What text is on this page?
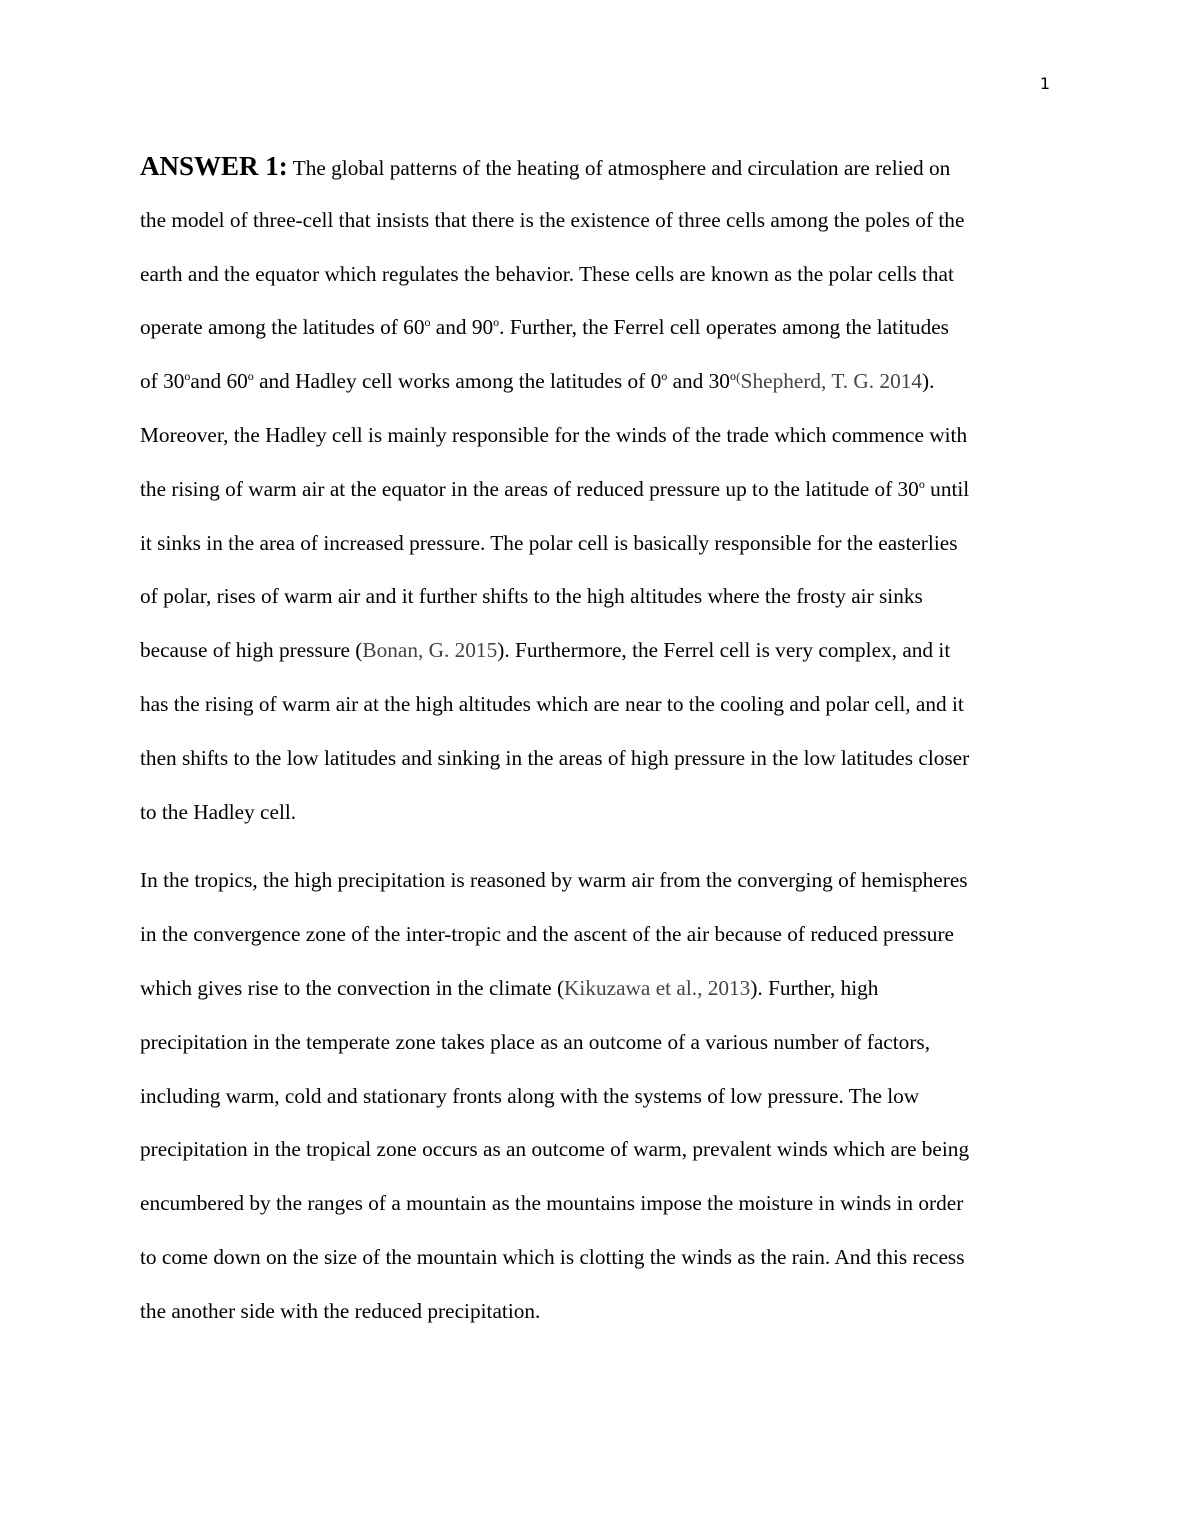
1

ANSWER 1: The global patterns of the heating of atmosphere and circulation are relied on
the model of three-cell that insists that there is the existence of three cells among the poles of the
earth and the equator which regulates the behavior. These cells are known as the polar cells that
operate among the latitudes of 60$^o$ and 90$^o$. Further, the Ferrel cell operates among the latitudes
of 30$^o$and 60$^o$ and Hadley cell works among the latitudes of 0$^o$ and 30$^{o(}$Shepherd, T. G. 2014).
Moreover, the Hadley cell is mainly responsible for the winds of the trade which commence with
the rising of warm air at the equator in the areas of reduced pressure up to the latitude of 30$^o$ until
it sinks in the area of increased pressure. The polar cell is basically responsible for the easterlies
of polar, rises of warm air and it further shifts to the high altitudes where the frosty air sinks
because of high pressure (Bonan, G. 2015). Furthermore, the Ferrel cell is very complex, and it
has the rising of warm air at the high altitudes which are near to the cooling and polar cell, and it
then shifts to the low latitudes and sinking in the areas of high pressure in the low latitudes closer
to the Hadley cell.

In the tropics, the high precipitation is reasoned by warm air from the converging of hemispheres
in the convergence zone of the inter-tropic and the ascent of the air because of reduced pressure
which gives rise to the convection in the climate (Kikuzawa et al., 2013). Further, high
precipitation in the temperate zone takes place as an outcome of a various number of factors,
including warm, cold and stationary fronts along with the systems of low pressure. The low
precipitation in the tropical zone occurs as an outcome of warm, prevalent winds which are being
encumbered by the ranges of a mountain as the mountains impose the moisture in winds in order
to come down on the size of the mountain which is clotting the winds as the rain. And this recess
the another side with the reduced precipitation.
